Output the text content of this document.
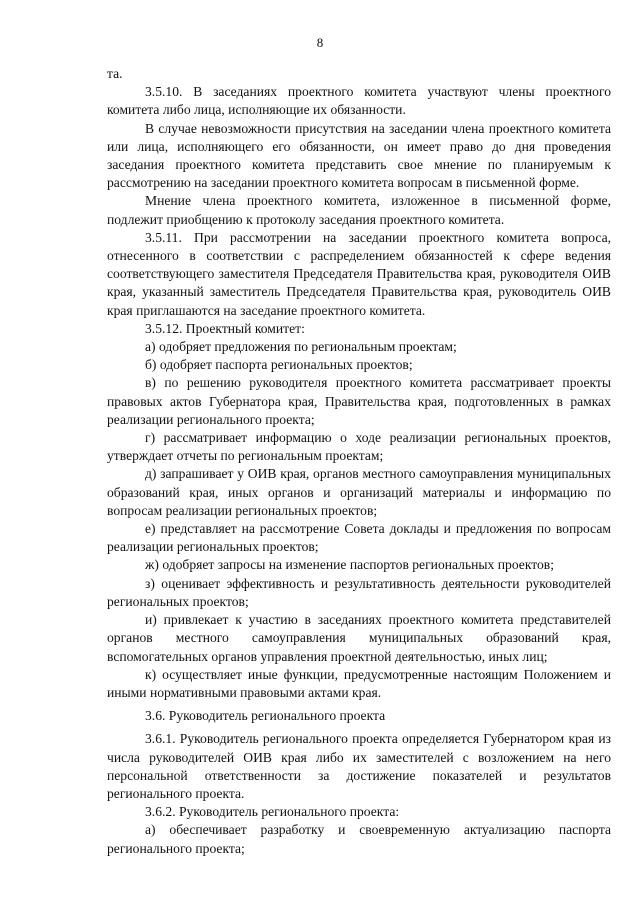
8

та.

3.5.10. В заседаниях проектного комитета участвуют члены проектного комитета либо лица, исполняющие их обязанности.

В случае невозможности присутствия на заседании члена проектного комитета или лица, исполняющего его обязанности, он имеет право до дня проведения заседания проектного комитета представить свое мнение по планируемым к рассмотрению на заседании проектного комитета вопросам в письменной форме.

Мнение члена проектного комитета, изложенное в письменной форме, подлежит приобщению к протоколу заседания проектного комитета.

3.5.11. При рассмотрении на заседании проектного комитета вопроса, отнесенного в соответствии с распределением обязанностей к сфере ведения соответствующего заместителя Председателя Правительства края, руководителя ОИВ края, указанный заместитель Председателя Правительства края, руководитель ОИВ края приглашаются на заседание проектного комитета.

3.5.12. Проектный комитет:

а) одобряет предложения по региональным проектам;

б) одобряет паспорта региональных проектов;

в) по решению руководителя проектного комитета рассматривает проекты правовых актов Губернатора края, Правительства края, подготовленных в рамках реализации регионального проекта;

г) рассматривает информацию о ходе реализации региональных проектов, утверждает отчеты по региональным проектам;

д) запрашивает у ОИВ края, органов местного самоуправления муниципальных образований края, иных органов и организаций материалы и информацию по вопросам реализации региональных проектов;

е) представляет на рассмотрение Совета доклады и предложения по вопросам реализации региональных проектов;

ж) одобряет запросы на изменение паспортов региональных проектов;

з) оценивает эффективность и результативность деятельности руководителей региональных проектов;

и) привлекает к участию в заседаниях проектного комитета представителей органов местного самоуправления муниципальных образований края, вспомогательных органов управления проектной деятельностью, иных лиц;

к) осуществляет иные функции, предусмотренные настоящим Положением и иными нормативными правовыми актами края.

3.6. Руководитель регионального проекта

3.6.1. Руководитель регионального проекта определяется Губернатором края из числа руководителей ОИВ края либо их заместителей с возложением на него персональной ответственности за достижение показателей и результатов регионального проекта.

3.6.2. Руководитель регионального проекта:

а) обеспечивает разработку и своевременную актуализацию паспорта регионального проекта;
